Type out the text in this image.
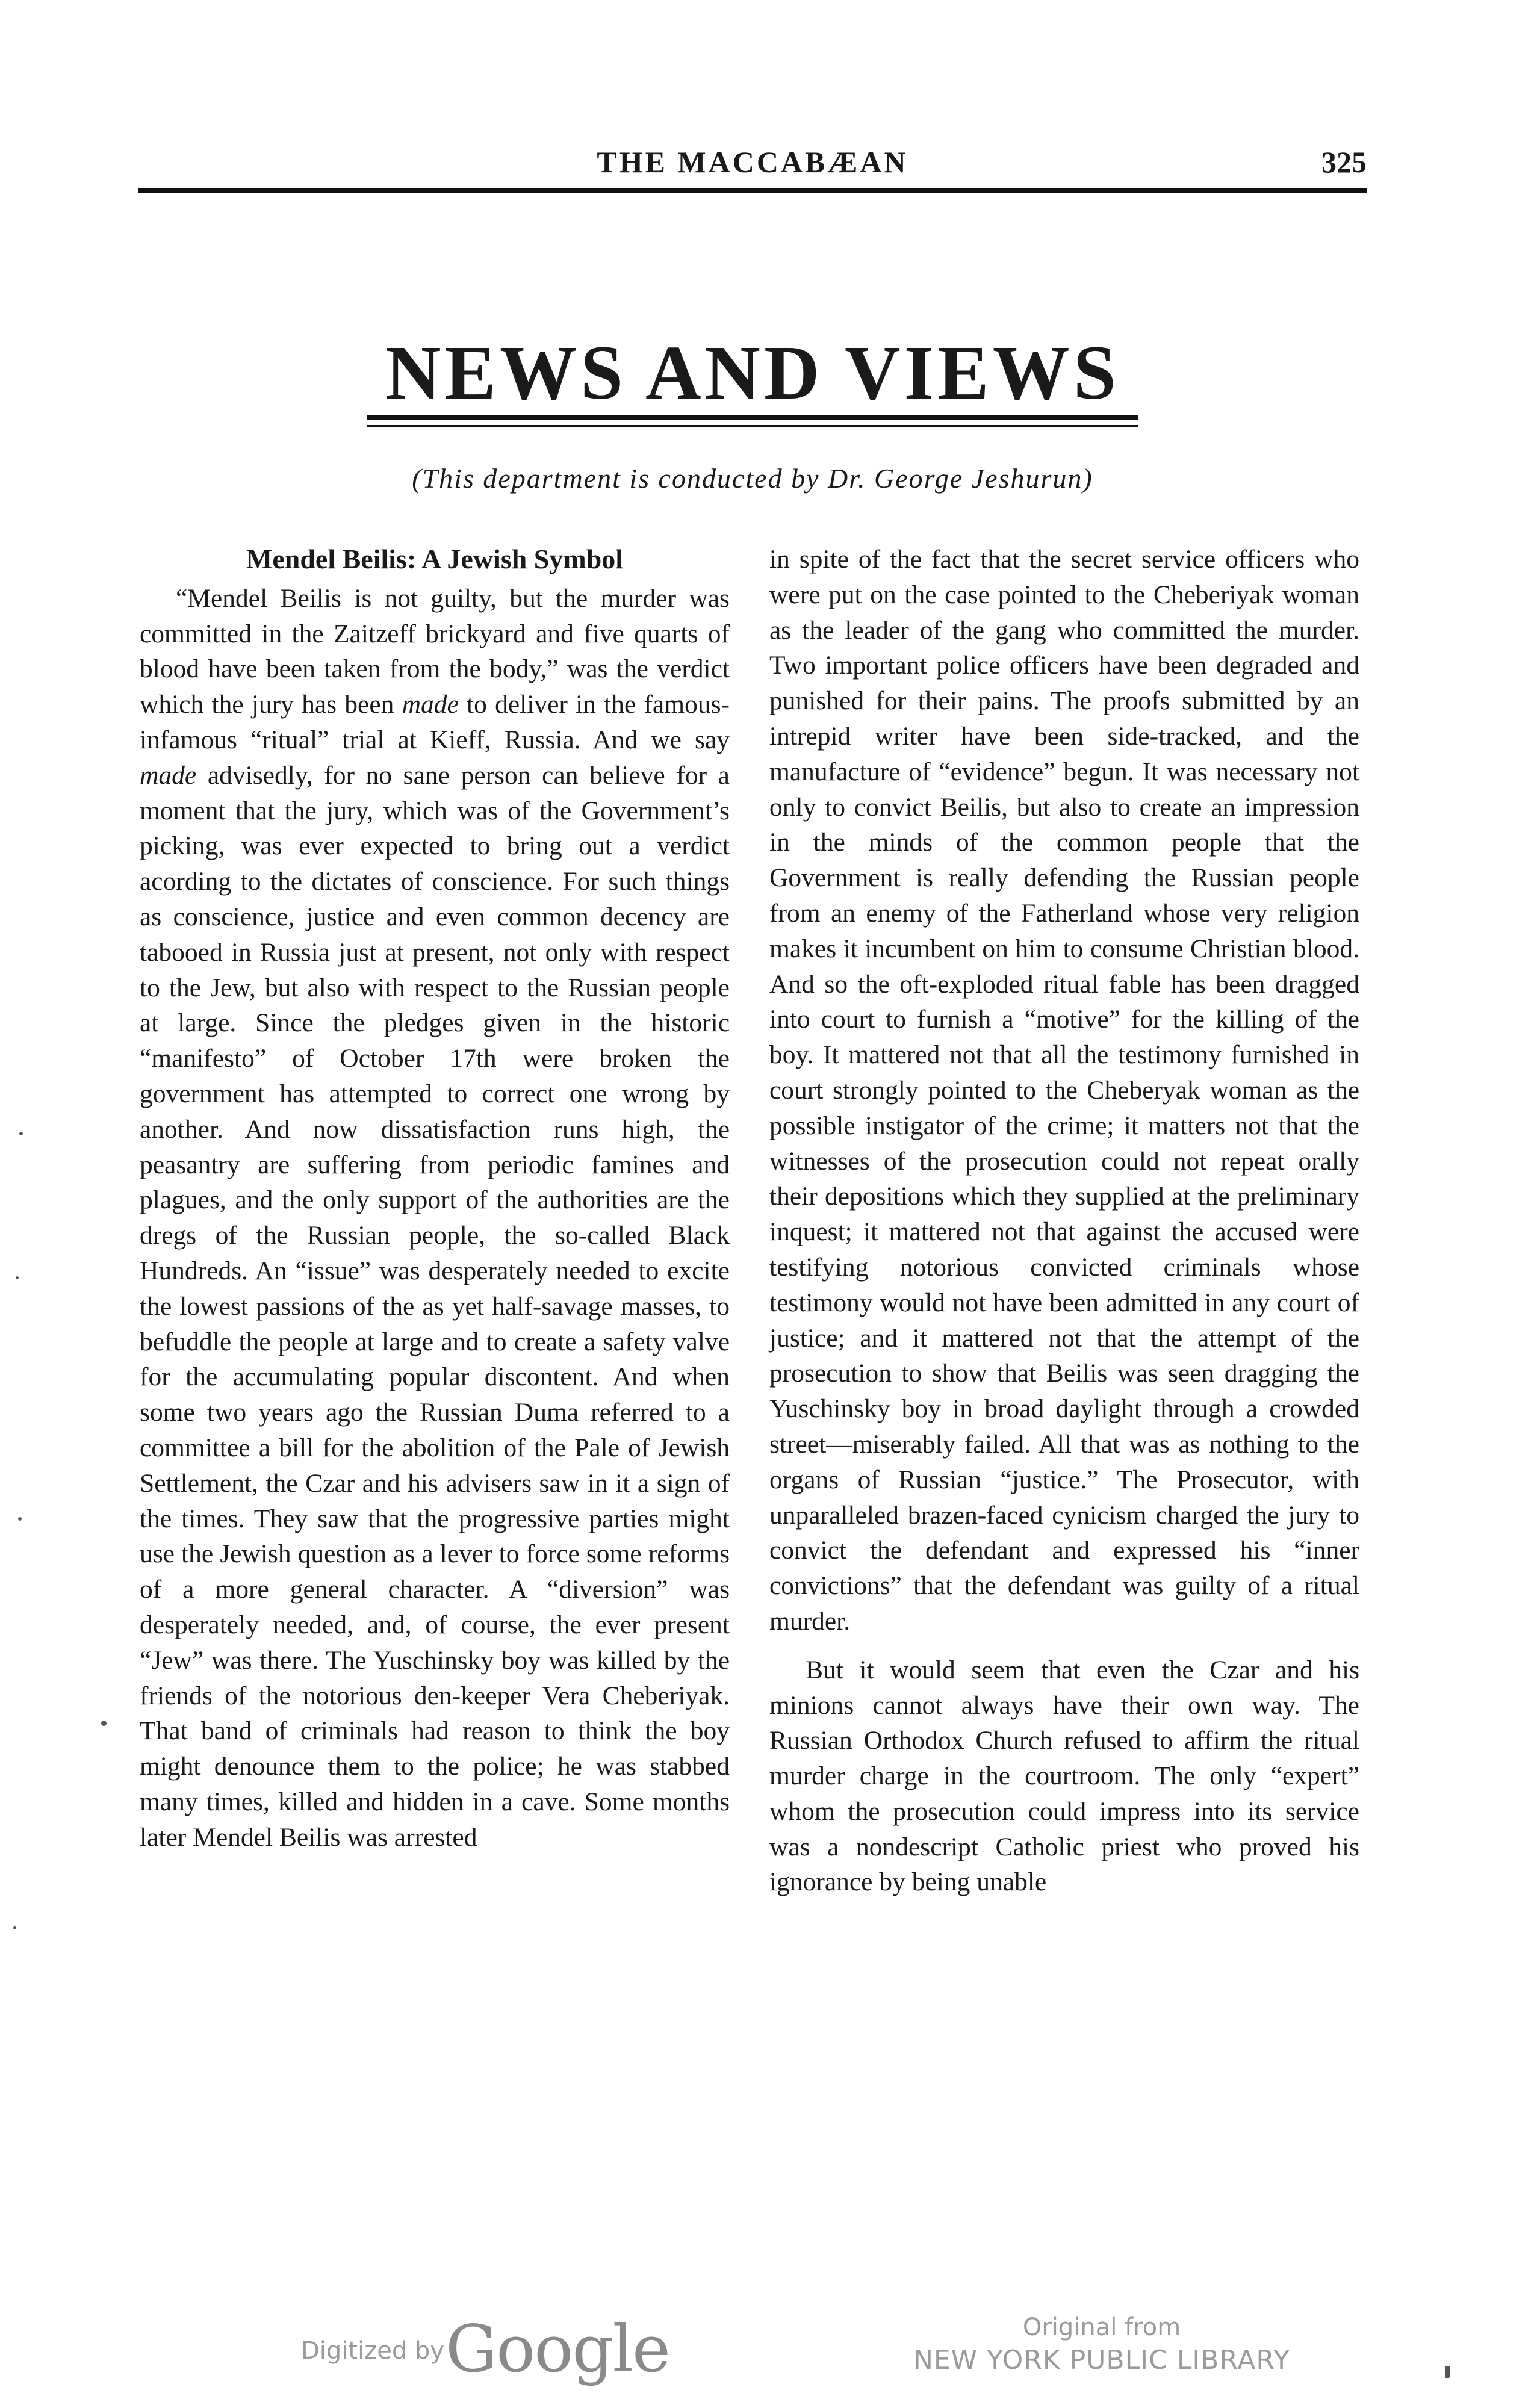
THE MACCABÆAN	325
NEWS AND VIEWS
(This department is conducted by Dr. George Jeshurun)
Mendel Beilis: A Jewish Symbol

“Mendel Beilis is not guilty, but the murder was committed in the Zaitzeff brickyard and five quarts of blood have been taken from the body,” was the verdict which the jury has been made to deliver in the famous-infamous “ritual” trial at Kieff, Russia. And we say made advisedly, for no sane person can believe for a moment that the jury, which was of the Government’s picking, was ever expected to bring out a verdict acording to the dictates of conscience. For such things as conscience, justice and even common decency are tabooed in Russia just at present, not only with respect to the Jew, but also with respect to the Russian people at large. Since the pledges given in the historic “manifesto” of October 17th were broken the government has attempted to correct one wrong by another. And now dissatisfaction runs high, the peasantry are suffering from periodic famines and plagues, and the only support of the authorities are the dregs of the Russian people, the so-called Black Hundreds. An “issue” was desperately needed to excite the lowest passions of the as yet half-savage masses, to befuddle the people at large and to create a safety valve for the accumulating popular discontent. And when some two years ago the Russian Duma referred to a committee a bill for the abolition of the Pale of Jewish Settlement, the Czar and his advisers saw in it a sign of the times. They saw that the progressive parties might use the Jewish question as a lever to force some reforms of a more general character. A “diversion” was desperately needed, and, of course, the ever present “Jew” was there. The Yuschinsky boy was killed by the friends of the notorious den-keeper Vera Cheberiyak. That band of criminals had reason to think the boy might denounce them to the police; he was stabbed many times, killed and hidden in a cave. Some months later Mendel Beilis was arrested

in spite of the fact that the secret service officers who were put on the case pointed to the Cheberiyak woman as the leader of the gang who committed the murder. Two important police officers have been degraded and punished for their pains. The proofs submitted by an intrepid writer have been side-tracked, and the manufacture of “evidence” begun. It was necessary not only to convict Beilis, but also to create an impression in the minds of the common people that the Government is really defending the Russian people from an enemy of the Fatherland whose very religion makes it incumbent on him to consume Christian blood. And so the oft-exploded ritual fable has been dragged into court to furnish a “motive” for the killing of the boy. It mattered not that all the testimony furnished in court strongly pointed to the Cheberyak woman as the possible instigator of the crime; it matters not that the witnesses of the prosecution could not repeat orally their depositions which they supplied at the preliminary inquest; it mattered not that against the accused were testifying notorious convicted criminals whose testimony would not have been admitted in any court of justice; and it mattered not that the attempt of the prosecution to show that Beilis was seen dragging the Yuschinsky boy in broad daylight through a crowded street—miserably failed. All that was as nothing to the organs of Russian “justice.” The Prosecutor, with unparalleled brazen-faced cynicism charged the jury to convict the defendant and expressed his “inner convictions” that the defendant was guilty of a ritual murder.

But it would seem that even the Czar and his minions cannot always have their own way. The Russian Orthodox Church refused to affirm the ritual murder charge in the courtroom. The only “expert” whom the prosecution could impress into its service was a nondescript Catholic priest who proved his ignorance by being unable

Digitized by Google	Original from
NEW YORK PUBLIC LIBRARY
